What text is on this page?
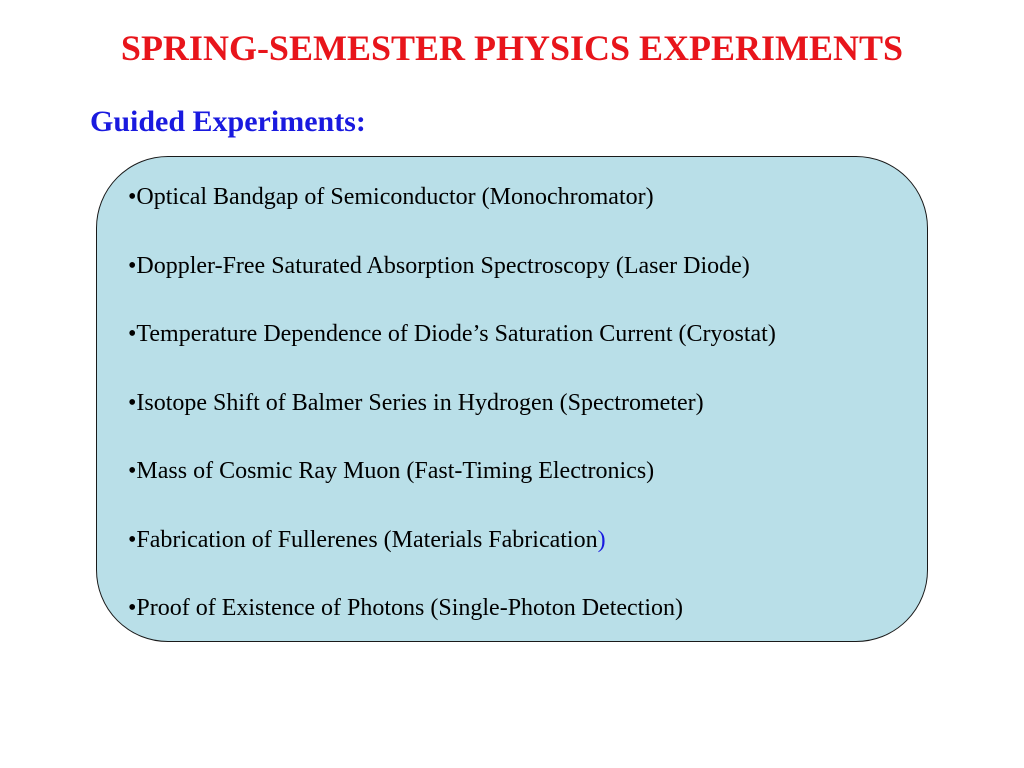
SPRING-SEMESTER PHYSICS EXPERIMENTS
Guided Experiments:
•Optical Bandgap of Semiconductor (Monochromator)
•Doppler-Free Saturated Absorption Spectroscopy (Laser Diode)
•Temperature Dependence of Diode’s Saturation Current (Cryostat)
•Isotope Shift of Balmer Series in Hydrogen (Spectrometer)
•Mass of Cosmic Ray Muon (Fast-Timing Electronics)
•Fabrication of Fullerenes (Materials Fabrication)
•Proof of Existence of Photons (Single-Photon Detection)
